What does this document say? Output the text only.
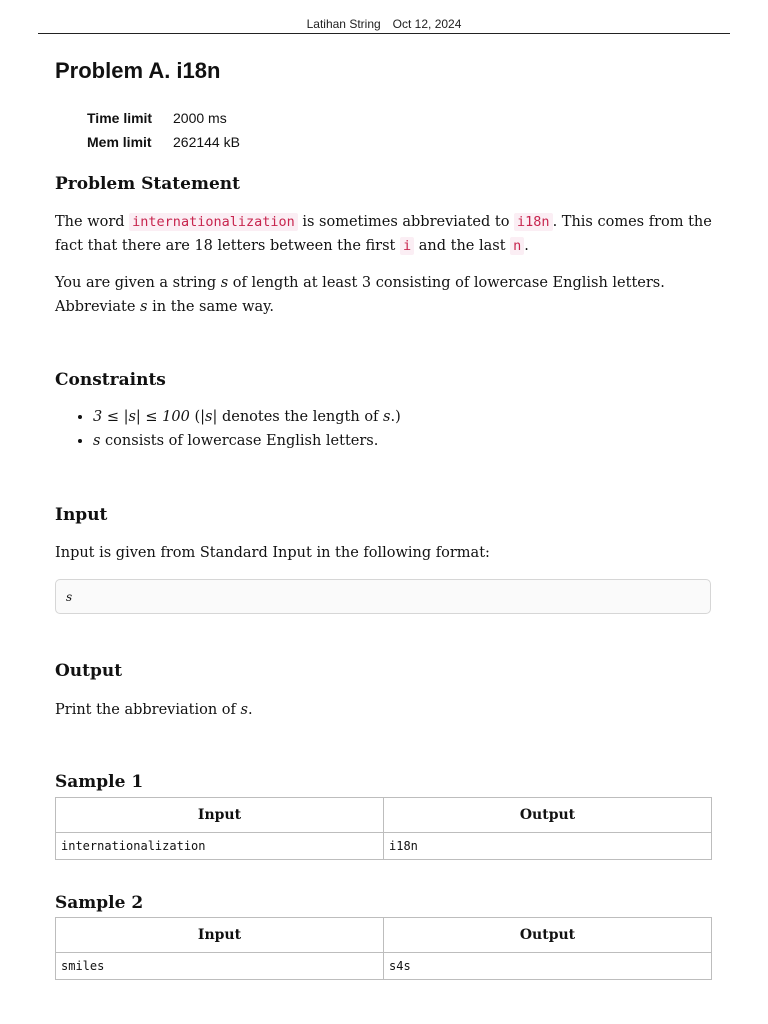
Latihan String Oct 12, 2024
Problem A. i18n
Time limit	2000 ms
Mem limit	262144 kB
Problem Statement

The word internationalization is sometimes abbreviated to i18n . This comes from the fact that there are 18 letters between the first i and the last n .

You are given a string s of length at least 3 consisting of lowercase English letters. Abbreviate s in the same way.

Constraints
• 3 ≤ |s| ≤ 100 (|s| denotes the length of s.)
• s consists of lowercase English letters.
Input

Input is given from Standard Input in the following format:

s
Output

Print the abbreviation of s.

Sample 1
Input	Output
internationalization	i18n
Sample 2
Input	Output
smiles	s4s
